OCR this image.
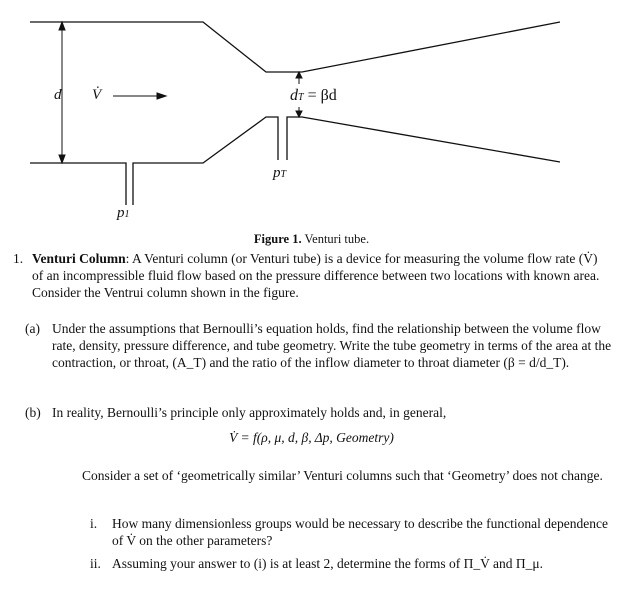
d V̇	dT = βd
pT
p1
Figure 1. Venturi tube.
1. Venturi Column: A Venturi column (or Venturi tube) is a device for measuring the volume flow rate (V̇) of an incompressible fluid flow based on the pressure difference between two locations with known area. Consider the Ventrui column shown in the figure.
(a) Under the assumptions that Bernoulli’s equation holds, find the relationship between the volume flow rate, density, pressure difference, and tube geometry. Write the tube geometry in terms of the area at the contraction, or throat, (A_T) and the ratio of the inflow diameter to throat diameter (β = d/d_T).
(b) In reality, Bernoulli’s principle only approximately holds and, in general,
V̇ = f(ρ, μ, d, β, Δp, Geometry)
Consider a set of ‘geometrically similar’ Venturi columns such that ‘Geometry’ does not change.
i. How many dimensionless groups would be necessary to describe the functional dependence of V̇ on the other parameters?
ii. Assuming your answer to (i) is at least 2, determine the forms of Π_V̇ and Π_μ.
